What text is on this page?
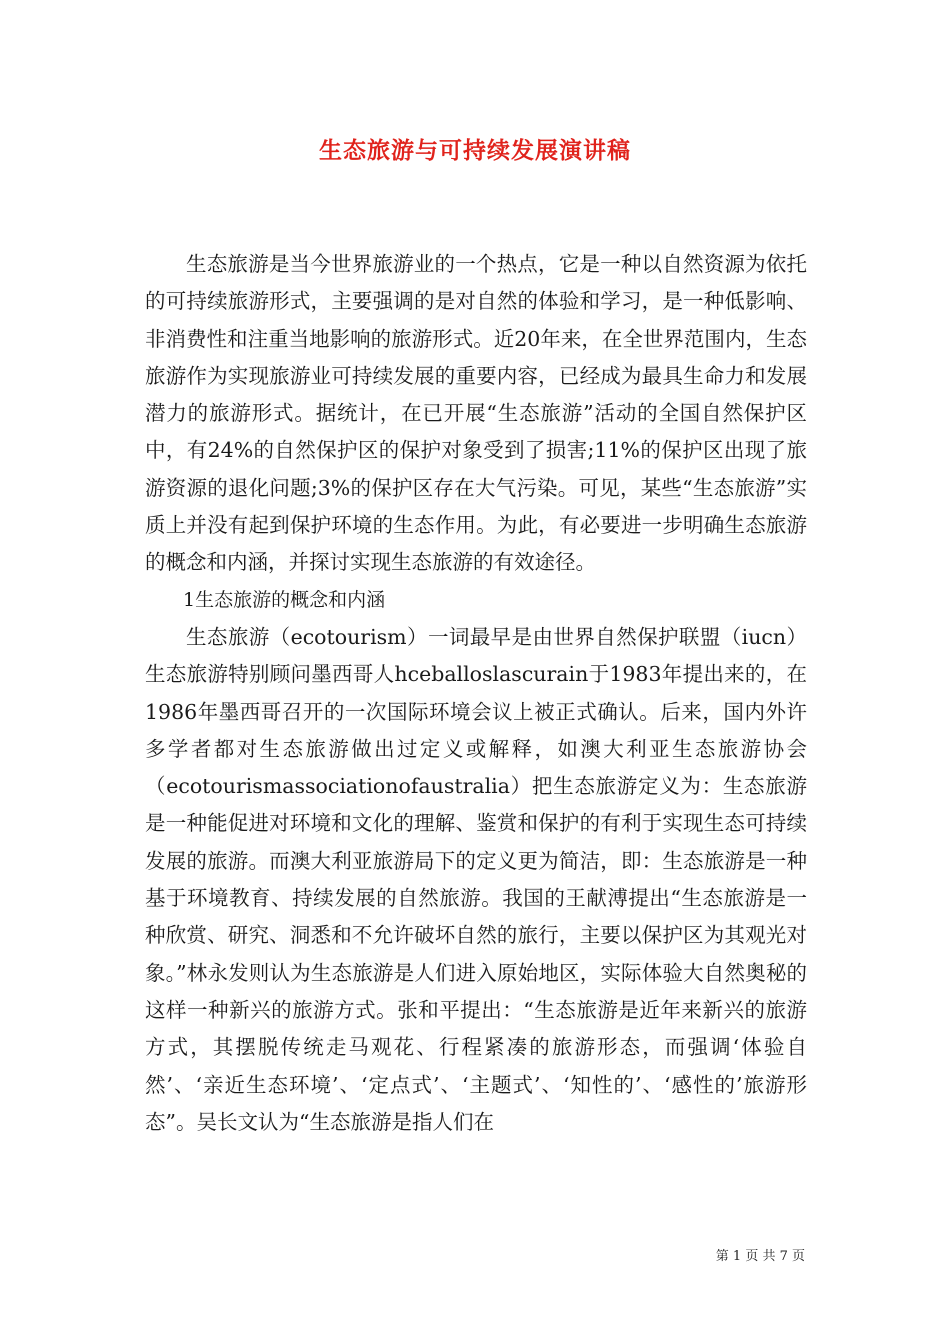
生态旅游与可持续发展演讲稿

生态旅游是当今世界旅游业的一个热点，它是一种以自然资源为依托的可持续旅游形式，主要强调的是对自然的体验和学习，是一种低影响、非消费性和注重当地影响的旅游形式。近20年来，在全世界范围内，生态旅游作为实现旅游业可持续发展的重要内容，已经成为最具生命力和发展潜力的旅游形式。据统计，在已开展“生态旅游”活动的全国自然保护区中，有24%的自然保护区的保护对象受到了损害;11%的保护区出现了旅游资源的退化问题;3%的保护区存在大气污染。可见，某些“生态旅游”实质上并没有起到保护环境的生态作用。为此，有必要进一步明确生态旅游的概念和内涵，并探讨实现生态旅游的有效途径。

1生态旅游的概念和内涵

生态旅游（ecotourism）一词最早是由世界自然保护联盟（iucn）生态旅游特别顾问墨西哥人hceballoslascurain于1983年提出来的，在1986年墨西哥召开的一次国际环境会议上被正式确认。后来，国内外许多学者都对生态旅游做出过定义或解释，如澳大利亚生态旅游协会（ecotourismassociationofaustralia）把生态旅游定义为：生态旅游是一种能促进对环境和文化的理解、鉴赏和保护的有利于实现生态可持续发展的旅游。而澳大利亚旅游局下的定义更为简洁，即：生态旅游是一种基于环境教育、持续发展的自然旅游。我国的王献溥提出“生态旅游是一种欣赏、研究、洞悉和不允许破坏自然的旅行，主要以保护区为其观光对象。”林永发则认为生态旅游是人们进入原始地区，实际体验大自然奥秘的这样一种新兴的旅游方式。张和平提出：“生态旅游是近年来新兴的旅游方式，其摆脱传统走马观花、行程紧凑的旅游形态，而强调‘体验自然’、‘亲近生态环境’、‘定点式’、‘主题式’、‘知性的’、‘感性的’旅游形态”。吴长文认为“生态旅游是指人们在

第 1 页 共 7 页
